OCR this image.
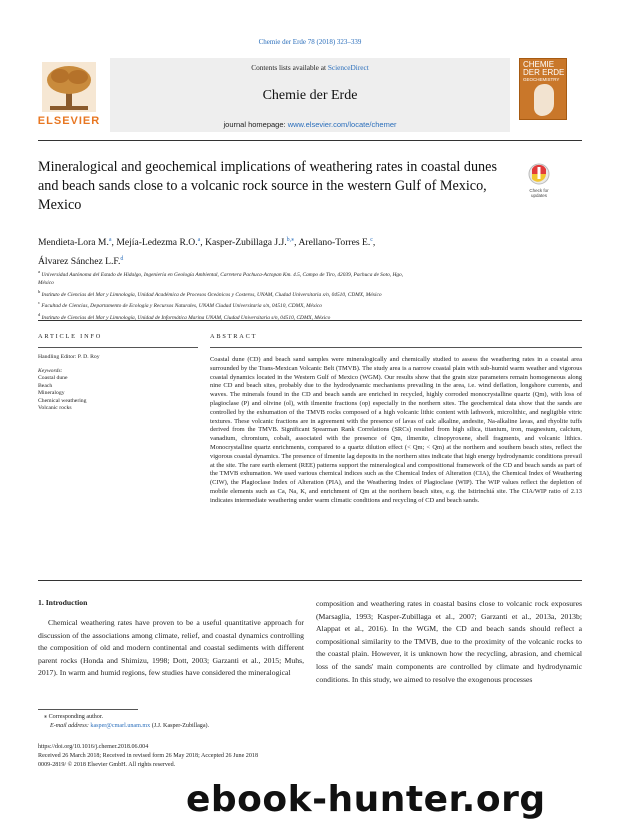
Chemie der Erde 78 (2018) 323–339
ELSEVIER
Contents lists available at ScienceDirect
Chemie der Erde
journal homepage: www.elsevier.com/locate/chemer
CHEMIE
DER ERDE
GEOCHEMISTRY
Mineralogical and geochemical implications of weathering rates in coastal dunes and beach sands close to a volcanic rock source in the western Gulf of Mexico, Mexico
Check for
updates
Mendieta-Lora M.$^a$, Mejía-Ledezma R.O.$^a$, Kasper-Zubillaga J.J.$^{b,⁎}$, Arellano-Torres E.$^c$,
Álvarez Sánchez L.F.$^d$
$^a$ Universidad Autónoma del Estado de Hidalgo, Ingeniería en Geología Ambiental, Carretera Pachuca-Actopan Km. 4.5, Campo de Tiro, 42039, Pachuca de Soto, Hgo,
México
$^b$ Instituto de Ciencias del Mar y Limnología, Unidad Académica de Procesos Oceánicos y Costeros, UNAM, Ciudad Universitaria s/n, 04510, CDMX, México
$^c$ Facultad de Ciencias, Departamento de Ecología y Recursos Naturales, UNAM Ciudad Universitaria s/n, 04510, CDMX, México
$^d$ Instituto de Ciencias del Mar y Limnología, Unidad de Informática Marina UNAM, Ciudad Universitaria s/n, 04510, CDMX, México
ARTICLE INFO
Handling Editor: P. D. Roy
Keywords:
Coastal dune
Beach
Mineralogy
Chemical weathering
Volcanic rocks
ABSTRACT

Coastal dune (CD) and beach sand samples were mineralogically and chemically studied to assess the weathering rates in a coastal area surrounded by the Trans-Mexican Volcanic Belt (TMVB). The study area is a narrow coastal plain with sub-humid warm weather and vigorous coastal dynamics located in the Western Gulf of Mexico (WGM). Our results show that the grain size parameters remain homogeneous along nine CD and beach sites, probably due to the hydrodynamic mechanisms prevailing in the area, i.e. wind deflation, longshore currents, and waves. The minerals found in the CD and beach sands are enriched in recycled, highly corroded monocrystalline quartz (Qm), with loss of plagioclase (P) and olivine (ol), with ilmenite fractions (op) especially in the northern sites. The geochemical data show that the sands are controlled by the exhumation of the TMVB rocks composed of a high volcanic lithic content with lathwork, microlithic, and negligible vitric textures. These volcanic fractions are in agreement with the presence of lavas of calc alkaline, andesite, Na-alkaline lavas, and rhyolite tuffs derived from the TMVB. Significant Spearman Rank Correlations (SRCs) resulted from high silica, titanium, iron, magnesium, calcium, vanadium, chromium, cobalt, associated with the presence of Qm, ilmenite, clinopyroxene, shell fragments, and volcanic lithics. Monocrystalline quartz enrichments, compared to a quartz dilution effect (< Qm; < Qm) at the northern and southern beach sites, reflect the vigorous coastal dynamics. The presence of ilmenite lag deposits in the northern sites indicate that high energy hydrodynamic conditions prevail at the site. The rare earth element (REE) patterns support the mineralogical and compositional framework of the CD and beach sands as part of the TMVB exhumation. We used various chemical indices such as the Chemical Index of Alteration (CIA), the Chemical Index of Weathering (CIW), the Plagioclase Index of Alteration (PIA), and the Weathering Index of Plagioclase (WIP). The WIP values reflect the depletion of mobile elements such as Ca, Na, K, and enrichment of Qm at the northern beach sites, e.g. the Istirinchiá site. The CIA/WIP ratio of 2.13 indicates intermediate weathering under warm climatic conditions and recycling of CD and beach sands.

1. Introduction

Chemical weathering rates have proven to be a useful quantitative approach for discussion of the associations among climate, relief, and coastal dynamics controlling the composition of old and modern continental and coastal sediments with different parent rocks (Honda and Shimizu, 1998; Dott, 2003; Garzanti et al., 2015; Muhs, 2017). In warm and humid regions, few studies have considered the mineralogical

composition and weathering rates in coastal basins close to volcanic rock exposures (Marsaglia, 1993; Kasper-Zubillaga et al., 2007; Garzanti et al., 2013a, 2013b; Alappat et al., 2016). In the WGM, the CD and beach sands should reflect a compositional similarity to the TMVB, due to the proximity of the volcanic rocks to the coastal plain. However, it is unknown how the recycling, abrasion, and chemical loss of the sands' main components are controlled by climate and hydrodynamic conditions. In this study, we aimed to resolve the exogenous processes

⁎ Corresponding author.
E-mail address: kasper@cmarl.unam.mx (J.J. Kasper-Zubillaga).
https://doi.org/10.1016/j.chemer.2018.06.004
Received 26 March 2018; Received in revised form 26 May 2018; Accepted 26 June 2018
0009-2819/ © 2018 Elsevier GmbH. All rights reserved.
ebook-hunter.org
